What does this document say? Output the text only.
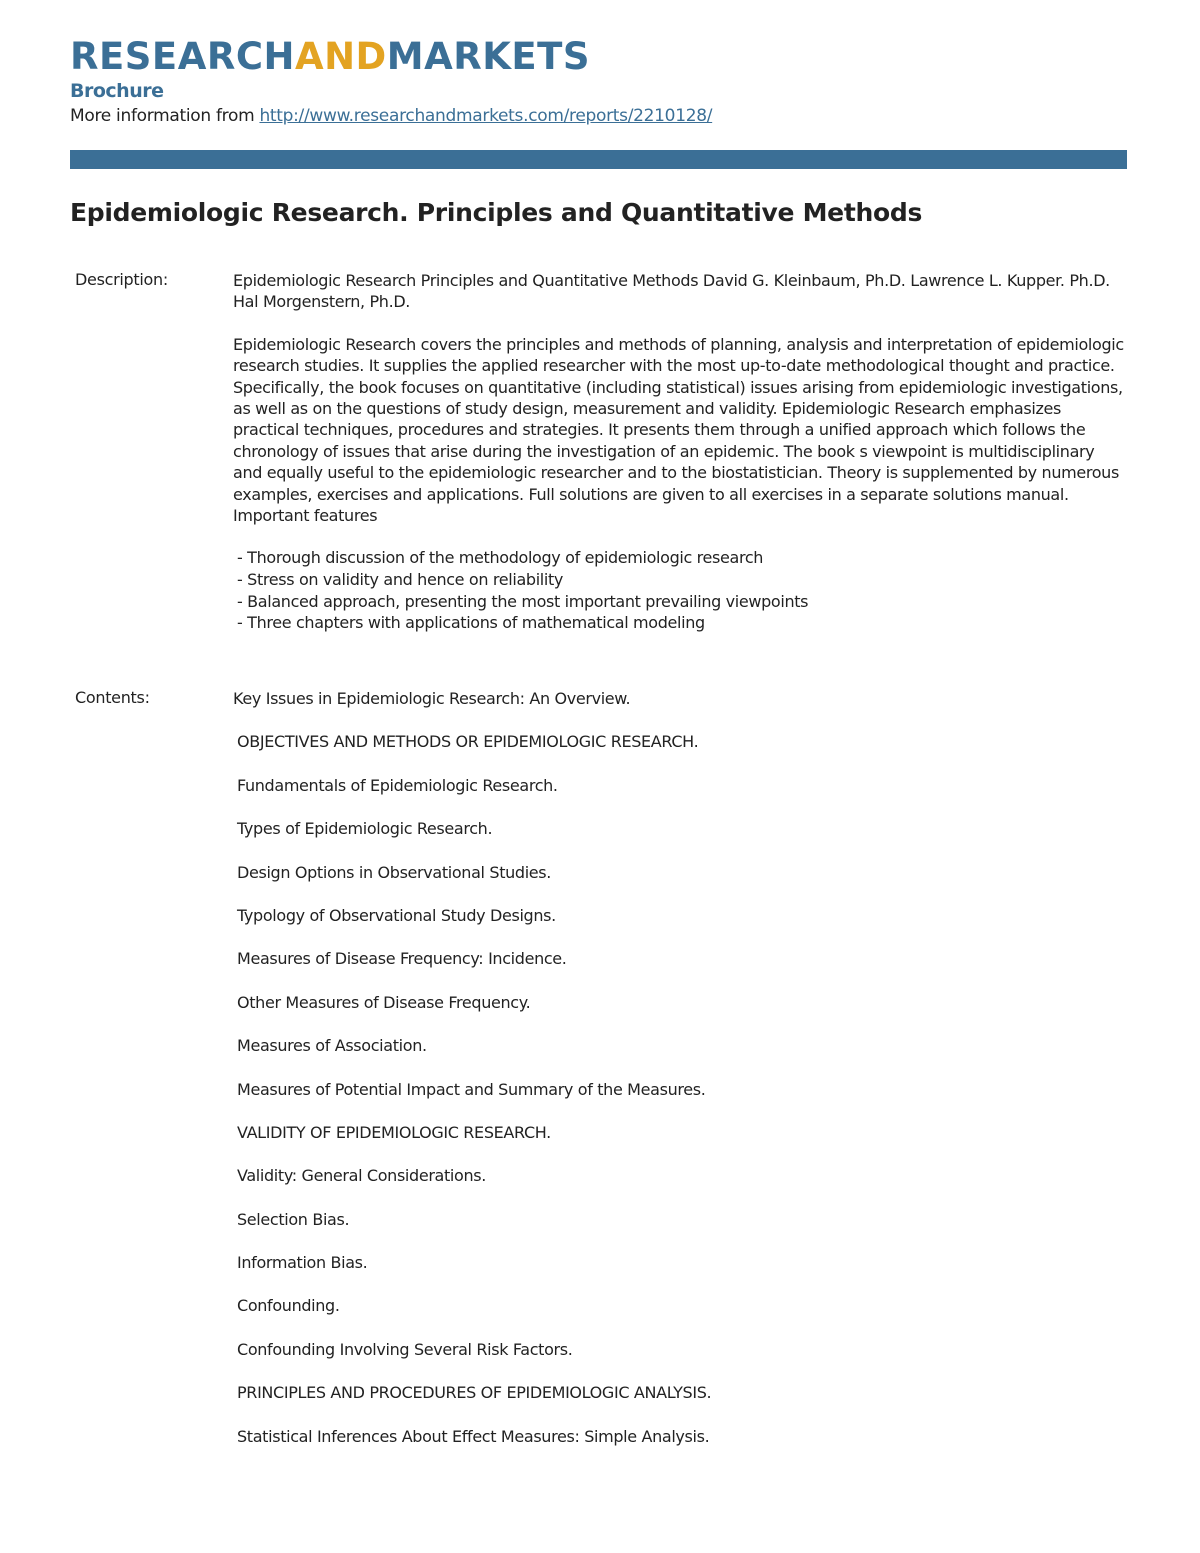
RESEARCHANDMARKETS
Brochure
More information from http://www.researchandmarkets.com/reports/2210128/
Epidemiologic Research. Principles and Quantitative Methods
Description:	Epidemiologic Research Principles and Quantitative Methods David G. Kleinbaum, Ph.D. Lawrence L. Kupper. Ph.D. Hal Morgenstern, Ph.D.

Epidemiologic Research covers the principles and methods of planning, analysis and interpretation of epidemiologic research studies. It supplies the applied researcher with the most up-to-date methodological thought and practice. Specifically, the book focuses on quantitative (including statistical) issues arising from epidemiologic investigations, as well as on the questions of study design, measurement and validity. Epidemiologic Research emphasizes practical techniques, procedures and strategies. It presents them through a unified approach which follows the chronology of issues that arise during the investigation of an epidemic. The book s viewpoint is multidisciplinary and equally useful to the epidemiologic researcher and to the biostatistician. Theory is supplemented by numerous examples, exercises and applications. Full solutions are given to all exercises in a separate solutions manual. Important features

- Thorough discussion of the methodology of epidemiologic research
- Stress on validity and hence on reliability
- Balanced approach, presenting the most important prevailing viewpoints
- Three chapters with applications of mathematical modeling
Contents:	Key Issues in Epidemiologic Research: An Overview.
OBJECTIVES AND METHODS OR EPIDEMIOLOGIC RESEARCH.
Fundamentals of Epidemiologic Research.
Types of Epidemiologic Research.
Design Options in Observational Studies.
Typology of Observational Study Designs.
Measures of Disease Frequency: Incidence.
Other Measures of Disease Frequency.
Measures of Association.
Measures of Potential Impact and Summary of the Measures.
VALIDITY OF EPIDEMIOLOGIC RESEARCH.
Validity: General Considerations.
Selection Bias.
Information Bias.
Confounding.
Confounding Involving Several Risk Factors.
PRINCIPLES AND PROCEDURES OF EPIDEMIOLOGIC ANALYSIS.
Statistical Inferences About Effect Measures: Simple Analysis.
